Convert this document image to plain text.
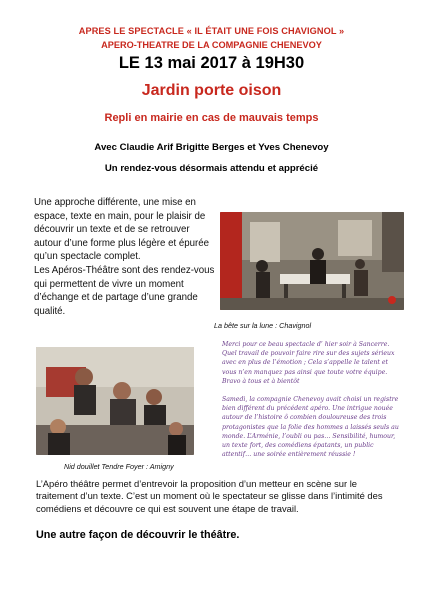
APRES LE SPECTACLE « IL ÉTAIT UNE FOIS CHAVIGNOL »
APERO-THEATRE DE LA COMPAGNIE CHENEVOY
LE 13 mai 2017 à 19H30
Jardin porte oison
Repli en mairie en cas de mauvais temps
Avec Claudie Arif Brigitte Berges et Yves Chenevoy
Un rendez-vous désormais attendu et apprécié

Une approche différente, une mise en espace, texte en main, pour le plaisir de découvrir un texte et de se retrouver autour d’une forme plus légère et épurée qu’un spectacle complet.

Les Apéros-Théâtre sont des rendez-vous qui permettent de vivre un moment d’échange et de partage d’une grande qualité.

La bête sur la lune : Chavignol
Nid douillet Tendre Foyer : Amigny

Merci pour ce beau spectacle d’ hier soir à Sancerre. Quel travail de pouvoir faire rire sur des sujets sérieux avec en plus de l’émotion ; Cela s’appelle le talent et vous n’en manquez pas ainsi que toute votre équipe. Bravo à tous et à bientôt

Samedi, la compagnie Chenevoy avait choisi un registre bien différent du précédent apéro. Une intrigue nouée autour de l’histoire ô combien douloureuse des trois protagonistes que la folie des hommes a laissés seuls au monde. L’Arménie, l’oubli ou pas… Sensibilité, humour, un texte fort, des comédiens épatants, un public attentif… une soirée entièrement réussie !

L’Apéro théâtre permet d’entrevoir la proposition d’un metteur en scène sur le traitement d’un texte. C’est un moment où le spectateur se glisse dans l’intimité des comédiens et découvre ce qui est souvent une étape de travail.
Une autre façon de découvrir le théâtre.
